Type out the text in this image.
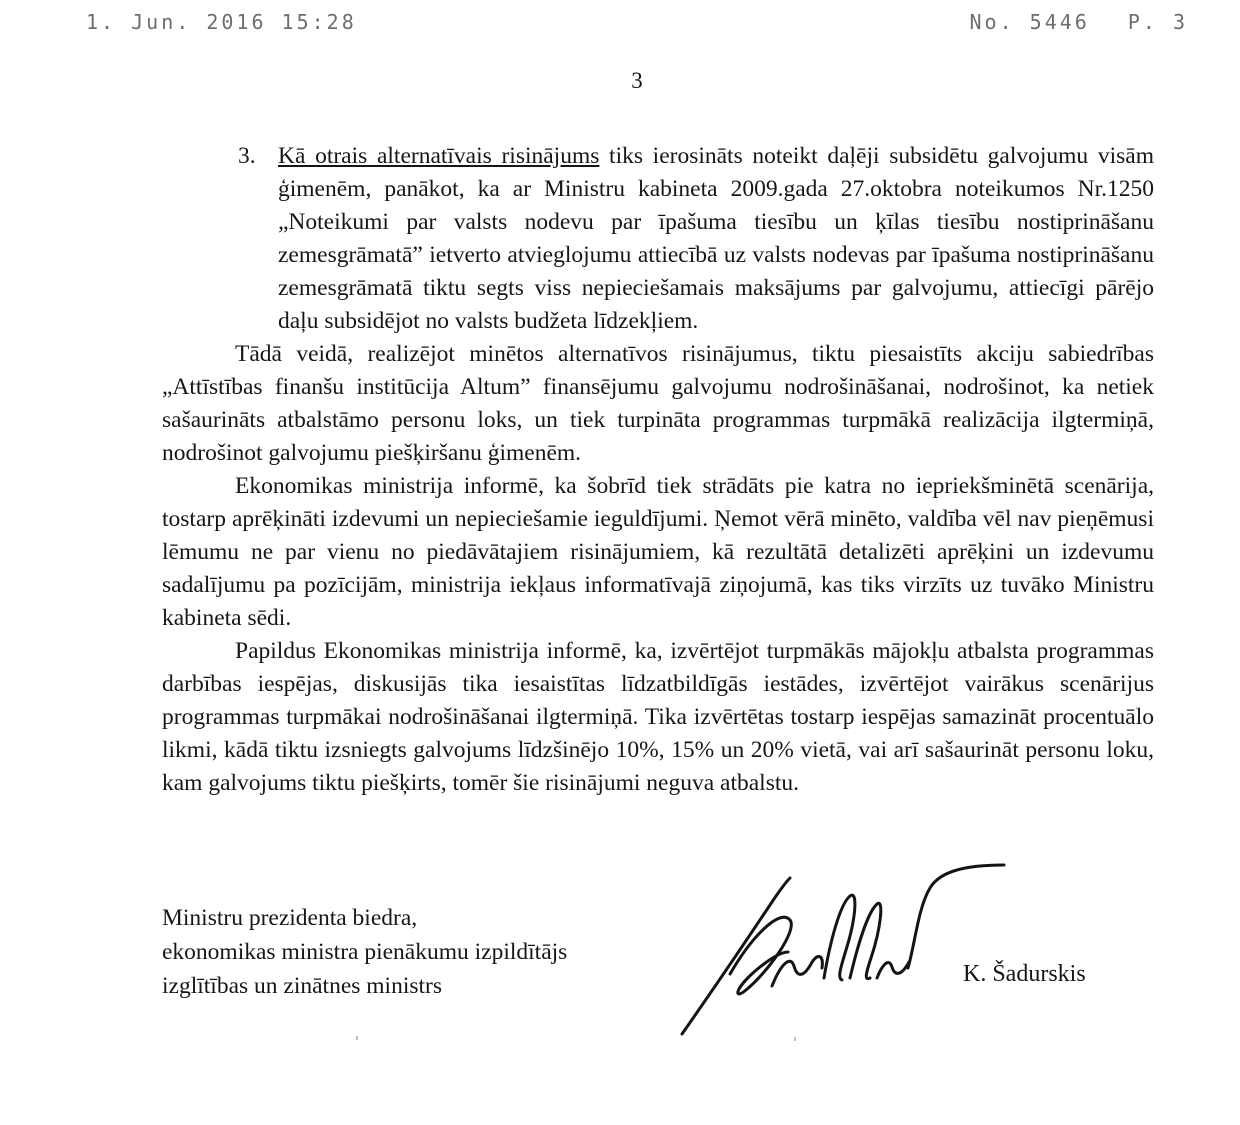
1. Jun. 2016 15:28	No. 5446 P. 3
3
3. Kā otrais alternatīvais risinājums tiks ierosināts noteikt daļēji subsidētu galvojumu visām ģimenēm, panākot, ka ar Ministru kabineta 2009.gada 27.oktobra noteikumos Nr.1250 „Noteikumi par valsts nodevu par īpašuma tiesību un ķīlas tiesību nostiprināšanu zemesgrāmatā” ietverto atvieglojumu attiecībā uz valsts nodevas par īpašuma nostiprināšanu zemesgrāmatā tiktu segts viss nepieciešamais maksājums par galvojumu, attiecīgi pārējo daļu subsidējot no valsts budžeta līdzekļiem.

Tādā veidā, realizējot minētos alternatīvos risinājumus, tiktu piesaistīts akciju sabiedrības „Attīstības finanšu institūcija Altum” finansējumu galvojumu nodrošināšanai, nodrošinot, ka netiek sašaurināts atbalstāmo personu loks, un tiek turpināta programmas turpmākā realizācija ilgtermiņā, nodrošinot galvojumu piešķiršanu ģimenēm.

Ekonomikas ministrija informē, ka šobrīd tiek strādāts pie katra no iepriekšminētā scenārija, tostarp aprēķināti izdevumi un nepieciešamie ieguldījumi. Ņemot vērā minēto, valdība vēl nav pieņēmusi lēmumu ne par vienu no piedāvātajiem risinājumiem, kā rezultātā detalizēti aprēķini un izdevumu sadalījumu pa pozīcijām, ministrija iekļaus informatīvajā ziņojumā, kas tiks virzīts uz tuvāko Ministru kabineta sēdi.

Papildus Ekonomikas ministrija informē, ka, izvērtējot turpmākās mājokļu atbalsta programmas darbības iespējas, diskusijās tika iesaistītas līdzatbildīgās iestādes, izvērtējot vairākus scenārijus programmas turpmākai nodrošināšanai ilgtermiņā. Tika izvērtētas tostarp iespējas samazināt procentuālo likmi, kādā tiktu izsniegts galvojums līdzšinējo 10%, 15% un 20% vietā, vai arī sašaurināt personu loku, kam galvojums tiktu piešķirts, tomēr šie risinājumi neguva atbalstu.

Ministru prezidenta biedra,
ekonomikas ministra pienākumu izpildītājs
izglītības un zinātnes ministrs	K. Šadurskis
